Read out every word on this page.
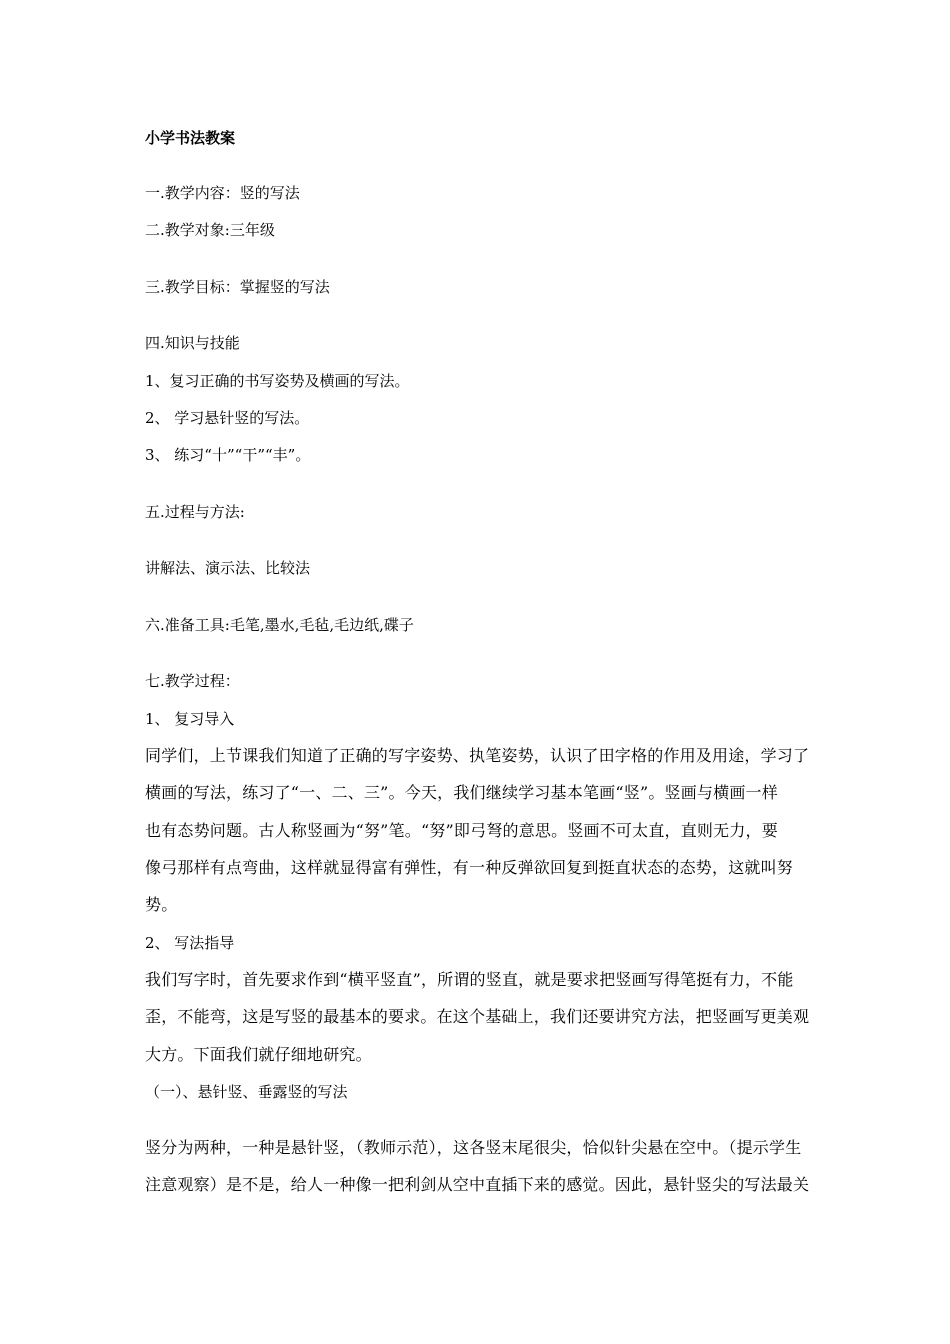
小学书法教案
一.教学内容：竖的写法
二.教学对象:三年级
三.教学目标：掌握竖的写法
四.知识与技能
1、复习正确的书写姿势及横画的写法。
2、 学习悬针竖的写法。
3、 练习“十”“干”“丰”。
五.过程与方法:
讲解法、演示法、比较法
六.准备工具:毛笔,墨水,毛毡,毛边纸,碟子
七.教学过程：
1、 复习导入
同学们，上节课我们知道了正确的写字姿势、执笔姿势，认识了田字格的作用及用途，学习了
横画的写法，练习了“一、二、三”。今天，我们继续学习基本笔画“竖”。竖画与横画一样
也有态势问题。古人称竖画为“努”笔。“努”即弓弩的意思。竖画不可太直，直则无力，要
像弓那样有点弯曲，这样就显得富有弹性，有一种反弹欲回复到挺直状态的态势，这就叫努
势。
2、 写法指导
我们写字时，首先要求作到“横平竖直”，所谓的竖直，就是要求把竖画写得笔挺有力，不能
歪，不能弯，这是写竖的最基本的要求。在这个基础上，我们还要讲究方法，把竖画写更美观
大方。下面我们就仔细地研究。
（一）、悬针竖、垂露竖的写法
竖分为两种，一种是悬针竖，（教师示范），这各竖末尾很尖，恰似针尖悬在空中。（提示学生
注意观察）是不是，给人一种像一把利剑从空中直插下来的感觉。因此，悬针竖尖的写法最关
